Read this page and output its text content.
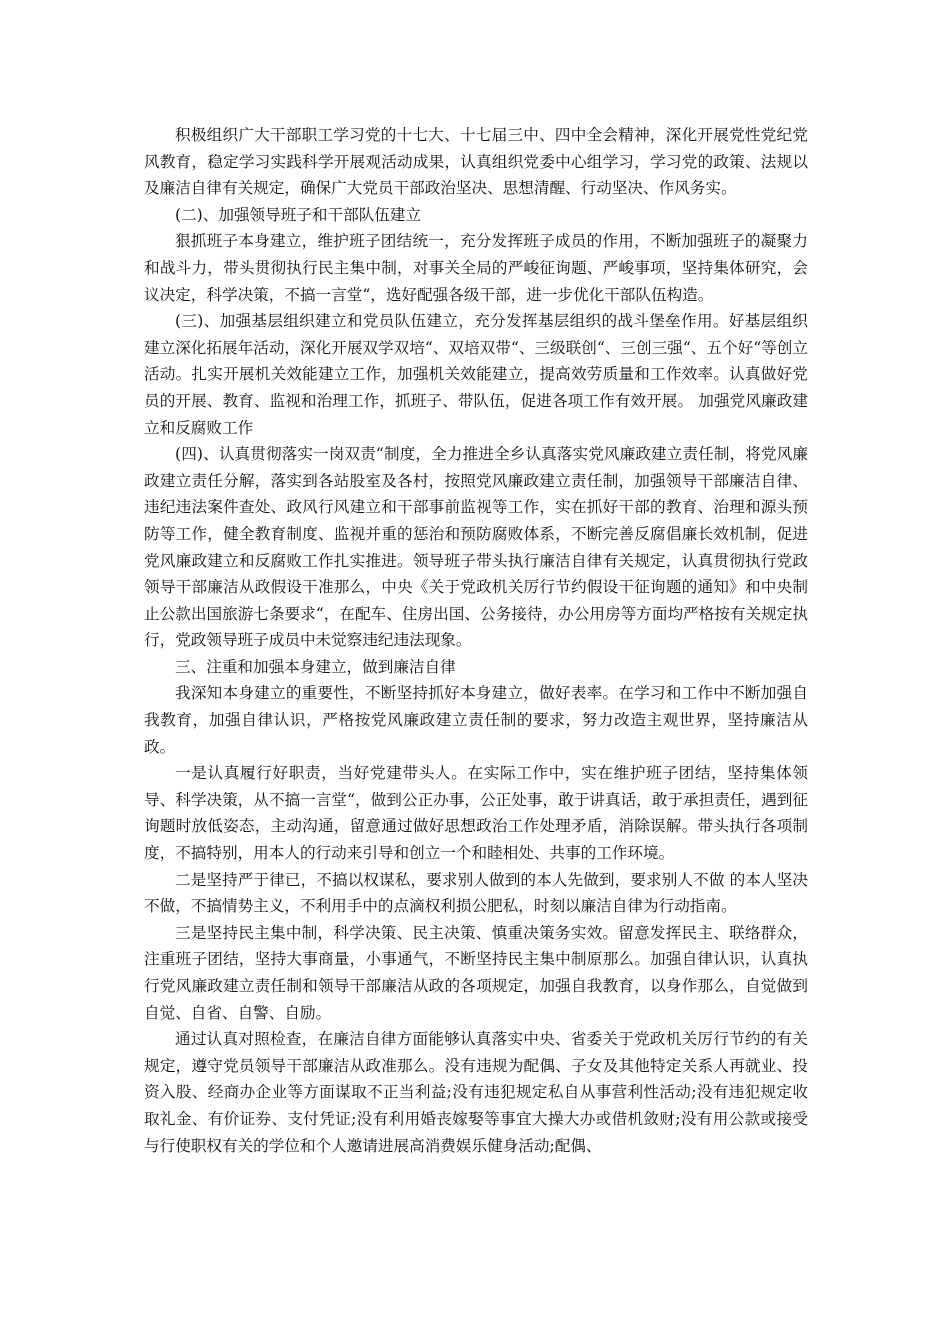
积极组织广大干部职工学习党的十七大、十七届三中、四中全会精神，深化开展党性党纪党风教育，稳定学习实践科学开展观活动成果，认真组织党委中心组学习，学习党的政策、法规以及廉洁自律有关规定，确保广大党员干部政治坚决、思想清醒、行动坚决、作风务实。

(二)、加强领导班子和干部队伍建立

狠抓班子本身建立，维护班子团结统一，充分发挥班子成员的作用，不断加强班子的凝聚力和战斗力，带头贯彻执行民主集中制，对事关全局的严峻征询题、严峻事项，坚持集体研究，会议决定，科学决策，不搞一言堂“，选好配强各级干部，进一步优化干部队伍构造。

(三)、加强基层组织建立和党员队伍建立，充分发挥基层组织的战斗堡垒作用。好基层组织建立深化拓展年活动，深化开展双学双培“、双培双带“、三级联创“、三创三强“、五个好“等创立活动。扎实开展机关效能建立工作，加强机关效能建立，提高效劳质量和工作效率。认真做好党员的开展、教育、监视和治理工作，抓班子、带队伍，促进各项工作有效开展。 加强党风廉政建立和反腐败工作

(四)、认真贯彻落实一岗双责“制度，全力推进全乡认真落实党风廉政建立责任制，将党风廉政建立责任分解，落实到各站股室及各村，按照党风廉政建立责任制，加强领导干部廉洁自律、违纪违法案件查处、政风行风建立和干部事前监视等工作，实在抓好干部的教育、治理和源头预防等工作，健全教育制度、监视并重的惩治和预防腐败体系，不断完善反腐倡廉长效机制，促进党风廉政建立和反腐败工作扎实推进。领导班子带头执行廉洁自律有关规定，认真贯彻执行党政领导干部廉洁从政假设干准那么，中央《关于党政机关厉行节约假设干征询题的通知》和中央制止公款出国旅游七条要求“，在配车、住房出国、公务接待，办公用房等方面均严格按有关规定执行，党政领导班子成员中未觉察违纪违法现象。

三、注重和加强本身建立，做到廉洁自律

我深知本身建立的重要性，不断坚持抓好本身建立，做好表率。在学习和工作中不断加强自我教育，加强自律认识，严格按党风廉政建立责任制的要求，努力改造主观世界，坚持廉洁从政。

一是认真履行好职责，当好党建带头人。在实际工作中，实在维护班子团结，坚持集体领导、科学决策，从不搞一言堂“，做到公正办事，公正处事，敢于讲真话，敢于承担责任，遇到征询题时放低姿态，主动沟通，留意通过做好思想政治工作处理矛盾，消除误解。带头执行各项制度，不搞特别，用本人的行动来引导和创立一个和睦相处、共事的工作环境。

二是坚持严于律已，不搞以权谋私，要求别人做到的本人先做到，要求别人不做 的本人坚决不做，不搞情势主义，不利用手中的点滴权利损公肥私，时刻以廉洁自律为行动指南。

三是坚持民主集中制，科学决策、民主决策、慎重决策务实效。留意发挥民主、联络群众，注重班子团结，坚持大事商量，小事通气，不断坚持民主集中制原那么。加强自律认识，认真执行党风廉政建立责任制和领导干部廉洁从政的各项规定，加强自我教育，以身作那么，自觉做到自觉、自省、自警、自励。

通过认真对照检查，在廉洁自律方面能够认真落实中央、省委关于党政机关厉行节约的有关规定，遵守党员领导干部廉洁从政准那么。没有违规为配偶、子女及其他特定关系人再就业、投资入股、经商办企业等方面谋取不正当利益;没有违犯规定私自从事营利性活动;没有违犯规定收取礼金、有价证券、支付凭证;没有利用婚丧嫁娶等事宜大操大办或借机敛财;没有用公款或接受与行使职权有关的学位和个人邀请进展高消费娱乐健身活动;配偶、
